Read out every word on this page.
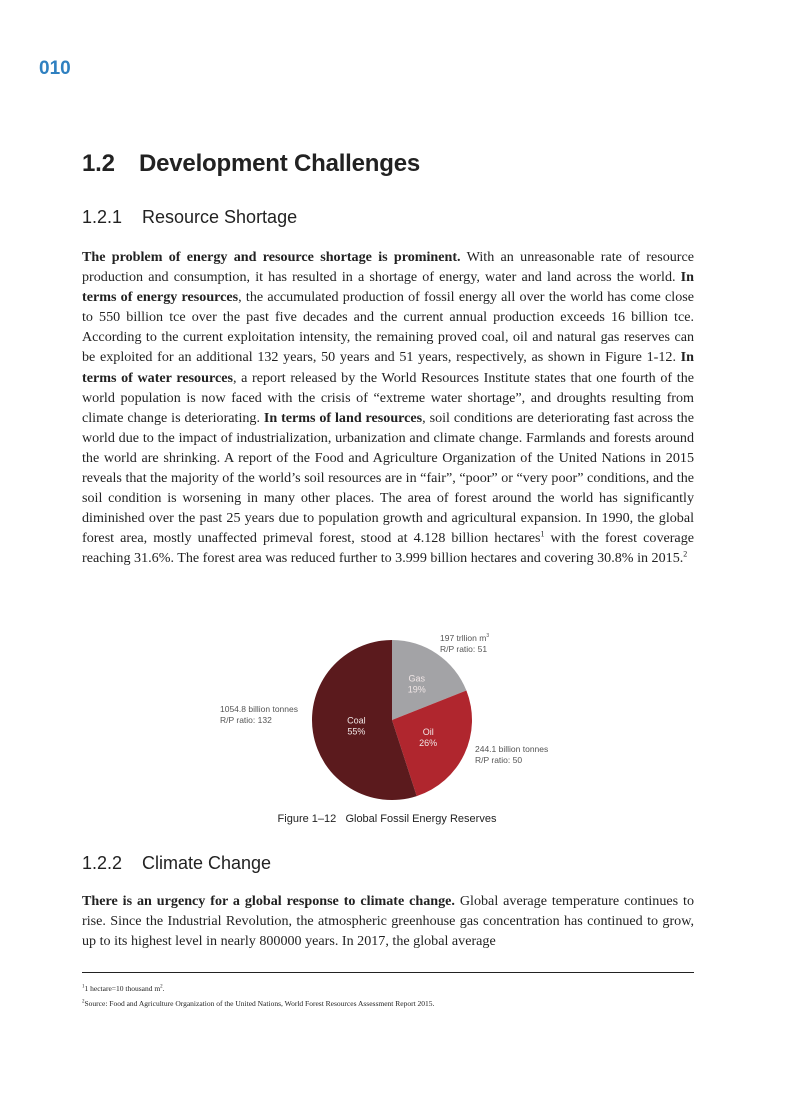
010
1.2 Development Challenges
1.2.1 Resource Shortage

The problem of energy and resource shortage is prominent. With an unreasonable rate of resource production and consumption, it has resulted in a shortage of energy, water and land across the world. In terms of energy resources, the accumulated production of fossil energy all over the world has come close to 550 billion tce over the past five decades and the current annual production exceeds 16 billion tce. According to the current exploitation intensity, the remaining proved coal, oil and natural gas reserves can be exploited for an additional 132 years, 50 years and 51 years, respectively, as shown in Figure 1-12. In terms of water resources, a report released by the World Resources Institute states that one fourth of the world population is now faced with the crisis of “extreme water shortage”, and droughts resulting from climate change is deteriorating. In terms of land resources, soil conditions are deteriorating fast across the world due to the impact of industrialization, urbanization and climate change. Farmlands and forests around the world are shrinking. A report of the Food and Agriculture Organization of the United Nations in 2015 reveals that the majority of the world’s soil resources are in “fair”, “poor” or “very poor” conditions, and the soil condition is worsening in many other places. The area of forest around the world has significantly diminished over the past 25 years due to population growth and agricultural expansion. In 1990, the global forest area, mostly unaffected primeval forest, stood at 4.128 billion hectares$^1$ with the forest coverage reaching 31.6%. The forest area was reduced further to 3.999 billion hectares and covering 30.8% in 2015.$^2$

Gas
19%
Oil
26%
Coal
55%
197 trllion $m^3$
R/P ratio: 51
244.1 billion tonnes
R/P ratio: 50
1054.8 billion tonnes
R/P ratio: 132
Figure 1–12 Global Fossil Energy Reserves
1.2.2 Climate Change

There is an urgency for a global response to climate change. Global average temperature continues to rise. Since the Industrial Revolution, the atmospheric greenhouse gas concentration has continued to grow, up to its highest level in nearly 800000 years. In 2017, the global average

$^1$1 hectare=10 thousand $m^2$.
$^2$Source: Food and Agriculture Organization of the United Nations, World Forest Resources Assessment Report 2015.
